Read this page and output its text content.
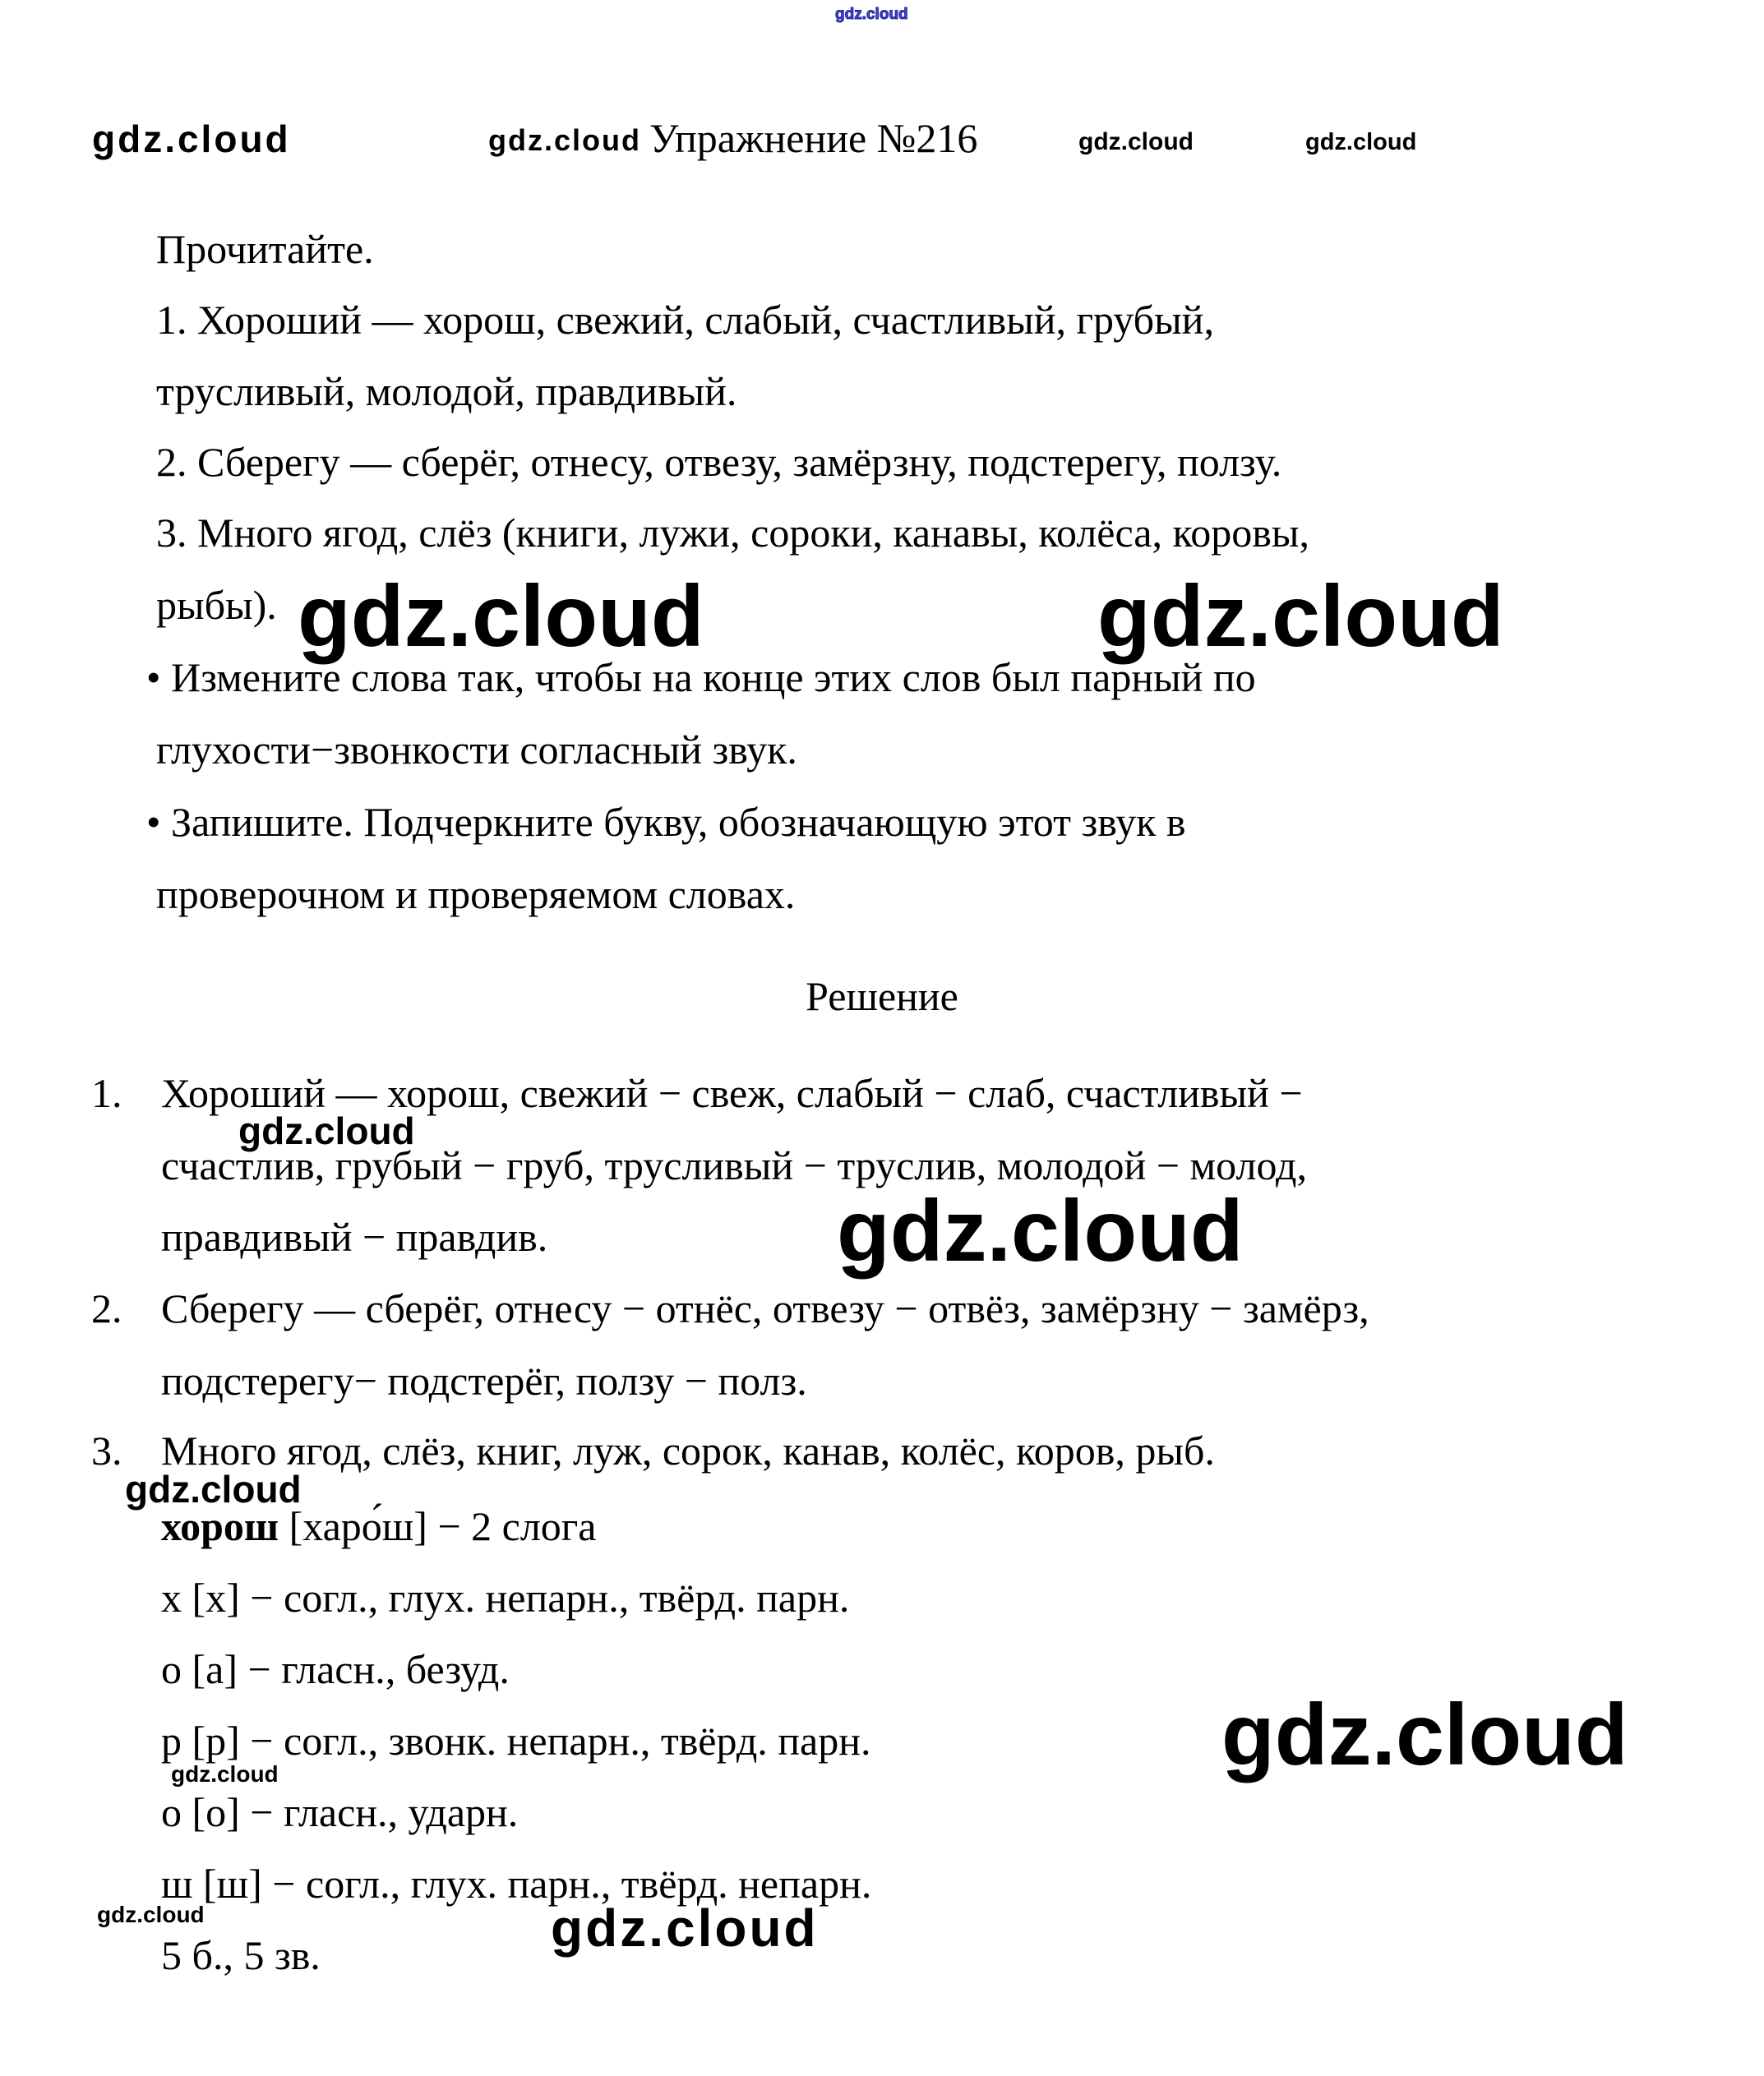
gdz.cloud
gdz.cloud	gdz.cloud Упражнение №216	gdz.cloud	gdz.cloud
Прочитайте.
1. Хороший — хорош, свежий, слабый, счастливый, грубый,
трусливый, молодой, правдивый.
2. Сберегу — сберёг, отнесу, отвезу, замёрзну, подстерегу, ползу.
3. Много ягод, слёз (книги, лужи, сороки, канавы, колёса, коровы,
рыбы).
• Измените слова так, чтобы на конце этих слов был парный по
глухости−звонкости согласный звук.
• Запишите. Подчеркните букву, обозначающую этот звук в
проверочном и проверяемом словах.
gdz.cloud	gdz.cloud
Решение
1. Хороший — хорош, свежий − свеж, слабый − слаб, счастливый −
счастлив, грубый − груб, трусливый − труслив, молодой − молод,
правдивый − правдив.
gdz.cloud
gdz.cloud
2. Сберегу — сберёг, отнесу − отнёс, отвезу − отвёз, замёрзну − замёрз,
подстерегу− подстерёг, ползу − полз.
3. Много ягод, слёз, книг, луж, сорок, канав, колёс, коров, рыб.
gdz.cloud
хорош [харо́ш] − 2 слога
х [х] − согл., глух. непарн., твёрд. парн.
о [а] − гласн., безуд.
р [р] − согл., звонк. непарн., твёрд. парн.
о [о] − гласн., ударн.
ш [ш] − согл., глух. парн., твёрд. непарн.
5 б., 5 зв.
gdz.cloud
gdz.cloud
gdz.cloud	gdz.cloud
